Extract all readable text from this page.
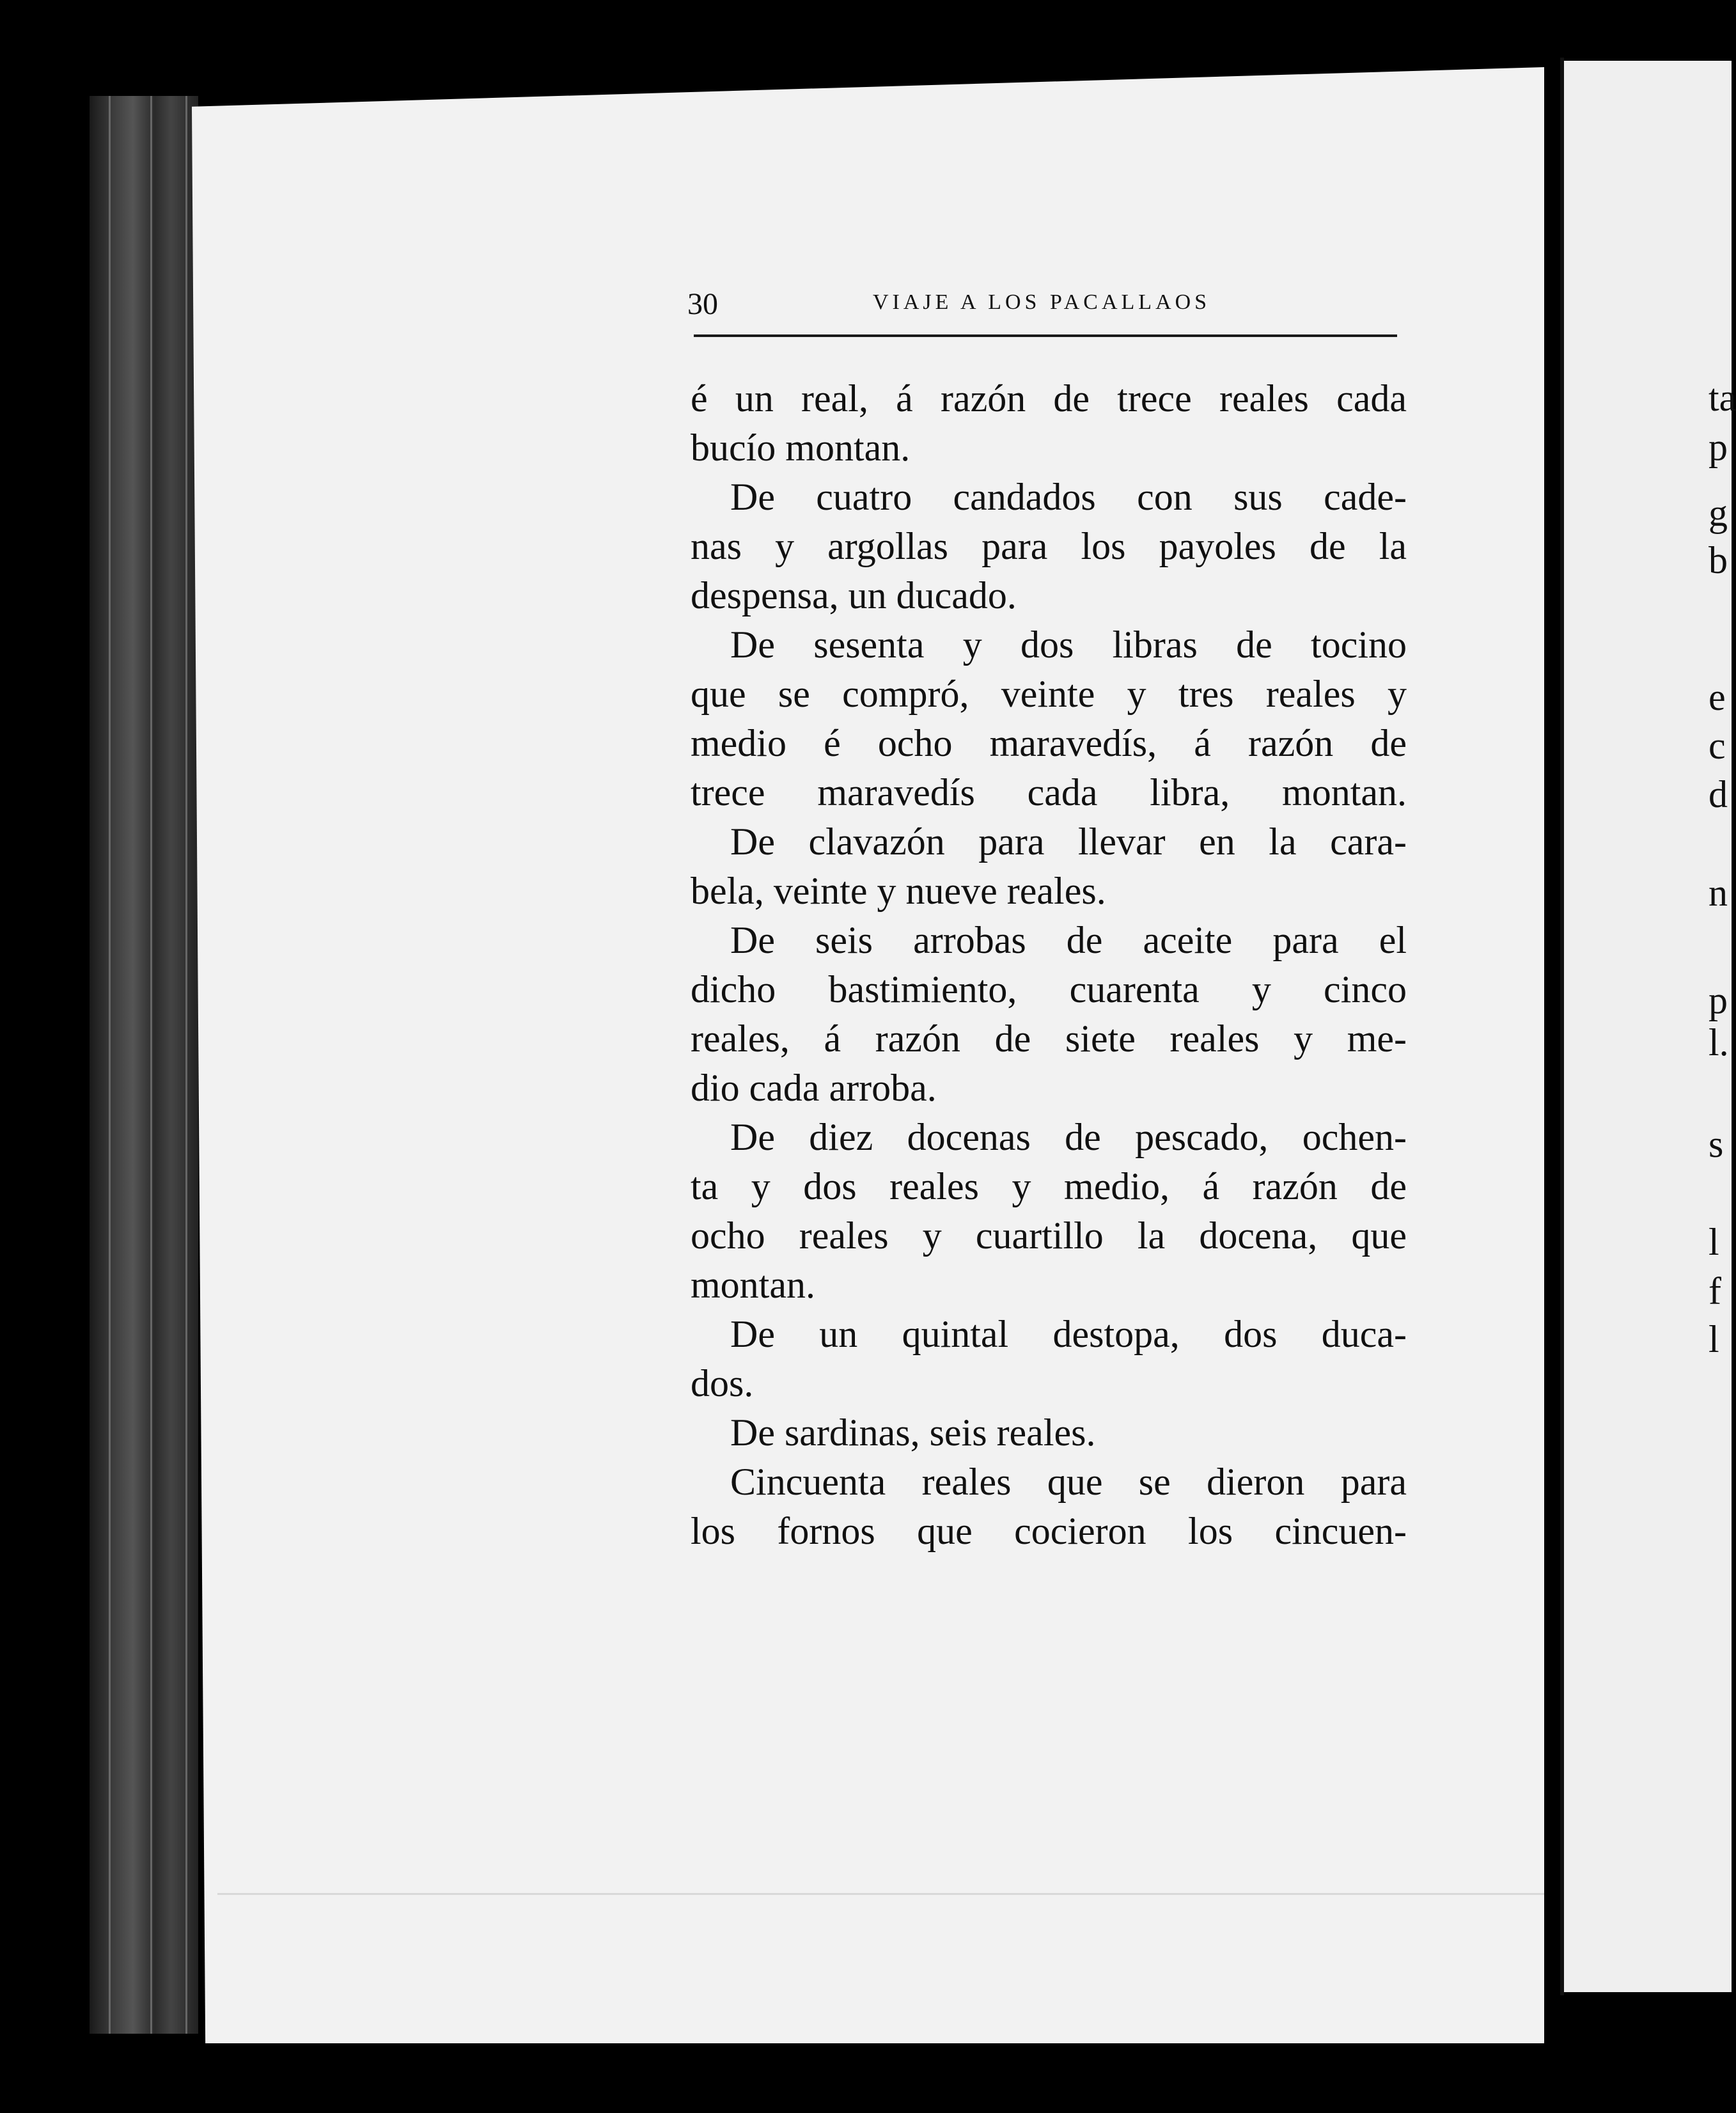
30	VIAJE A LOS PACALLAOS
é un real, á razón de trece reales cada
bucío montan.
De cuatro candados con sus cade-
nas y argollas para los payoles de la
despensa, un ducado.
De sesenta y dos libras de tocino
que se compró, veinte y tres reales y
medio é ocho maravedís, á razón de
trece maravedís cada libra, montan.
De clavazón para llevar en la cara-
bela, veinte y nueve reales.
De seis arrobas de aceite para el
dicho bastimiento, cuarenta y cinco
reales, á razón de siete reales y me-
dio cada arroba.
De diez docenas de pescado, ochen-
ta y dos reales y medio, á razón de
ocho reales y cuartillo la docena, que
montan.
De un quintal destopa, dos duca-
dos.
De sardinas, seis reales.
Cincuenta reales que se dieron para
los fornos que cocieron los cincuen-
ta
p
g
b
e
c
d
n
p
l.
s
l
f
l
